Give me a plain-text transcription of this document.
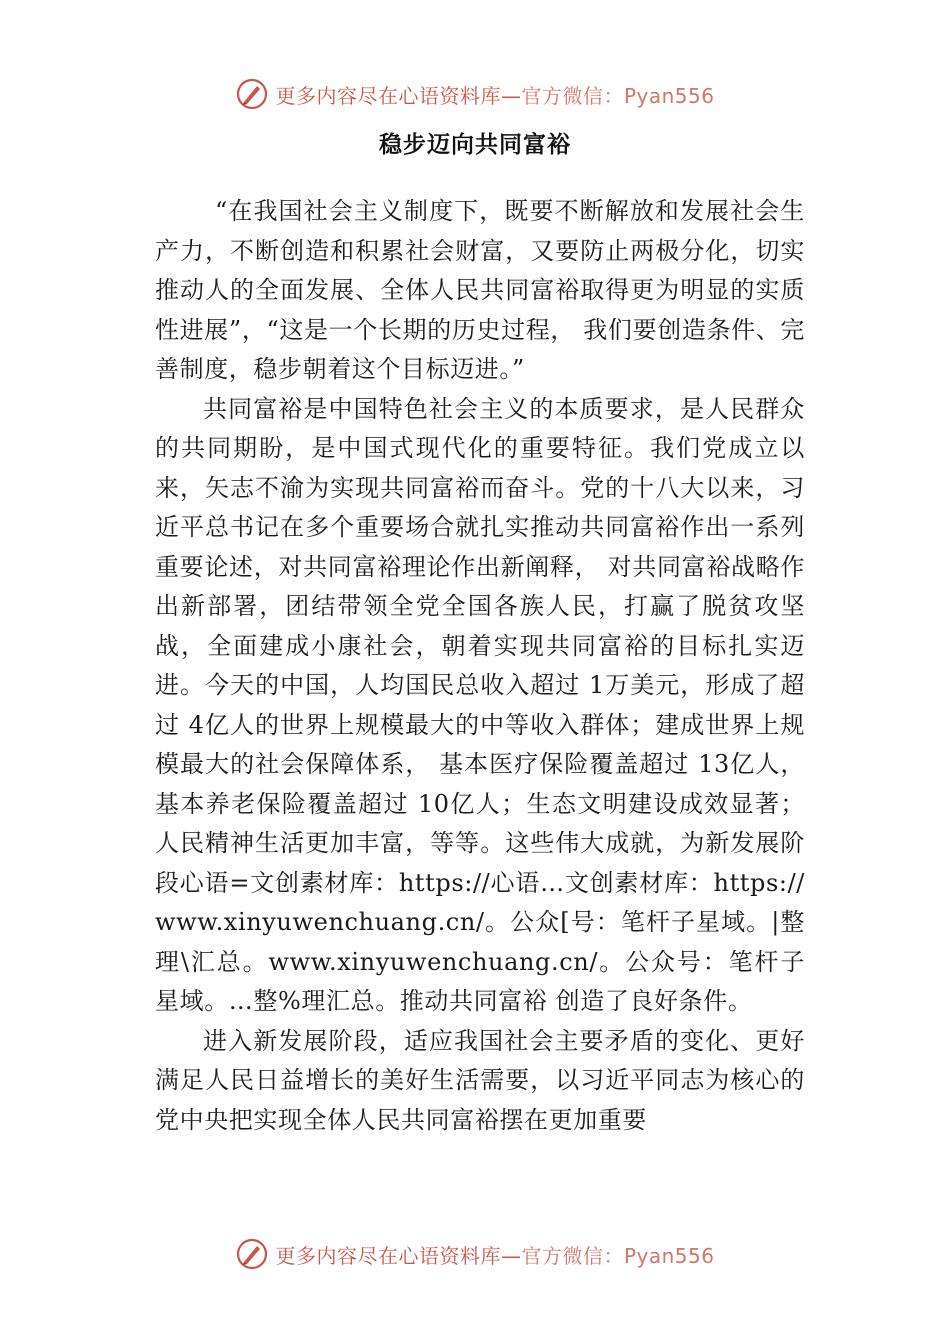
更多内容尽在心语资料库—官方微信：Pyan556
稳步迈向共同富裕

“在我国社会主义制度下，既要不断解放和发展社会生产力，不断创造和积累社会财富，又要防止两极分化，切实推动人的全面发展、全体人民共同富裕取得更为明显的实质性进展”，“这是一个长期的历史过程， 我们要创造条件、完善制度，稳步朝着这个目标迈进。”

共同富裕是中国特色社会主义的本质要求，是人民群众的共同期盼，是中国式现代化的重要特征。我们党成立以来，矢志不渝为实现共同富裕而奋斗。党的十八大以来，习近平总书记在多个重要场合就扎实推动共同富裕作出一系列重要论述，对共同富裕理论作出新阐释， 对共同富裕战略作出新部署，团结带领全党全国各族人民，打赢了脱贫攻坚战，全面建成小康社会，朝着实现共同富裕的目标扎实迈进。今天的中国，人均国民总收入超过 1万美元，形成了超过 4亿人的世界上规模最大的中等收入群体；建成世界上规模最大的社会保障体系， 基本医疗保险覆盖超过 13亿人，基本养老保险覆盖超过 10亿人；生态文明建设成效显著；人民精神生活更加丰富，等等。这些伟大成就，为新发展阶段心语=文创素材库：https://心语…文创素材库：https:// www.xinyuwenchuang.cn/。公众[号：笔杆子星域。|整理\汇总。www.xinyuwenchuang.cn/。公众号：笔杆子星域。…整%理汇总。推动共同富裕 创造了良好条件。

进入新发展阶段，适应我国社会主要矛盾的变化、更好满足人民日益增长的美好生活需要，以习近平同志为核心的党中央把实现全体人民共同富裕摆在更加重要

更多内容尽在心语资料库—官方微信：Pyan556
